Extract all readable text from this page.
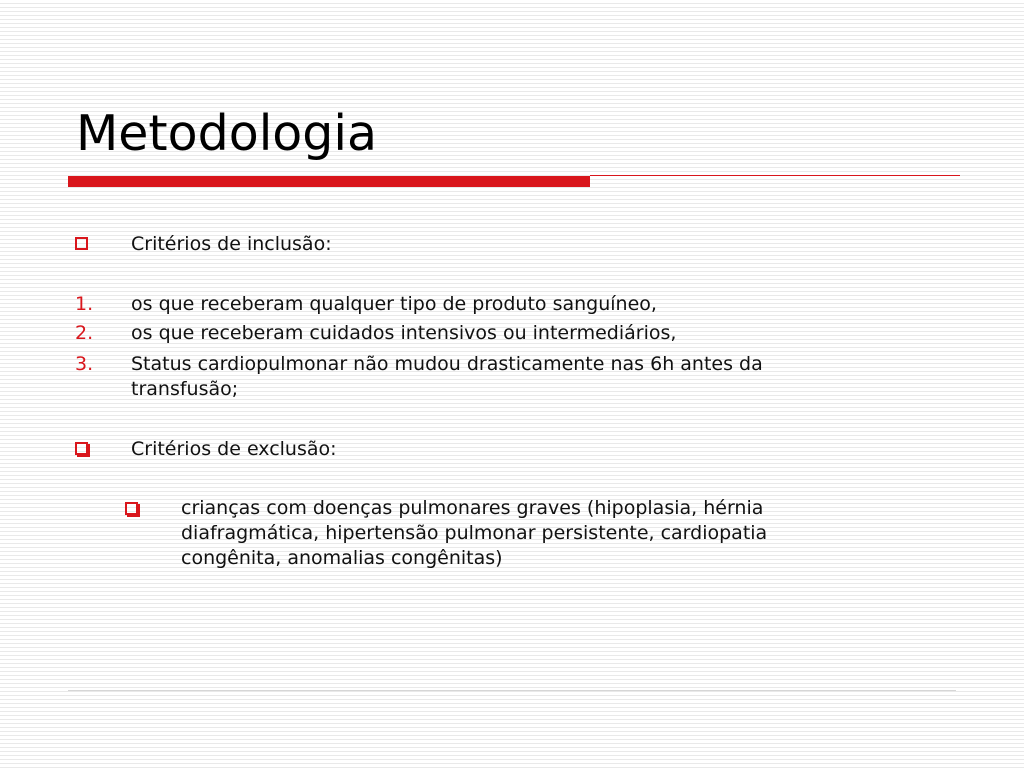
Metodologia
Critérios de inclusão:
1. os que receberam qualquer tipo de produto sanguíneo,
2. os que receberam cuidados intensivos ou intermediários,
3. Status cardiopulmonar não mudou drasticamente nas 6h antes da
transfusão;
Critérios de exclusão:
crianças com doenças pulmonares graves (hipoplasia, hérnia
diafragmática, hipertensão pulmonar persistente, cardiopatia
congênita, anomalias congênitas)
